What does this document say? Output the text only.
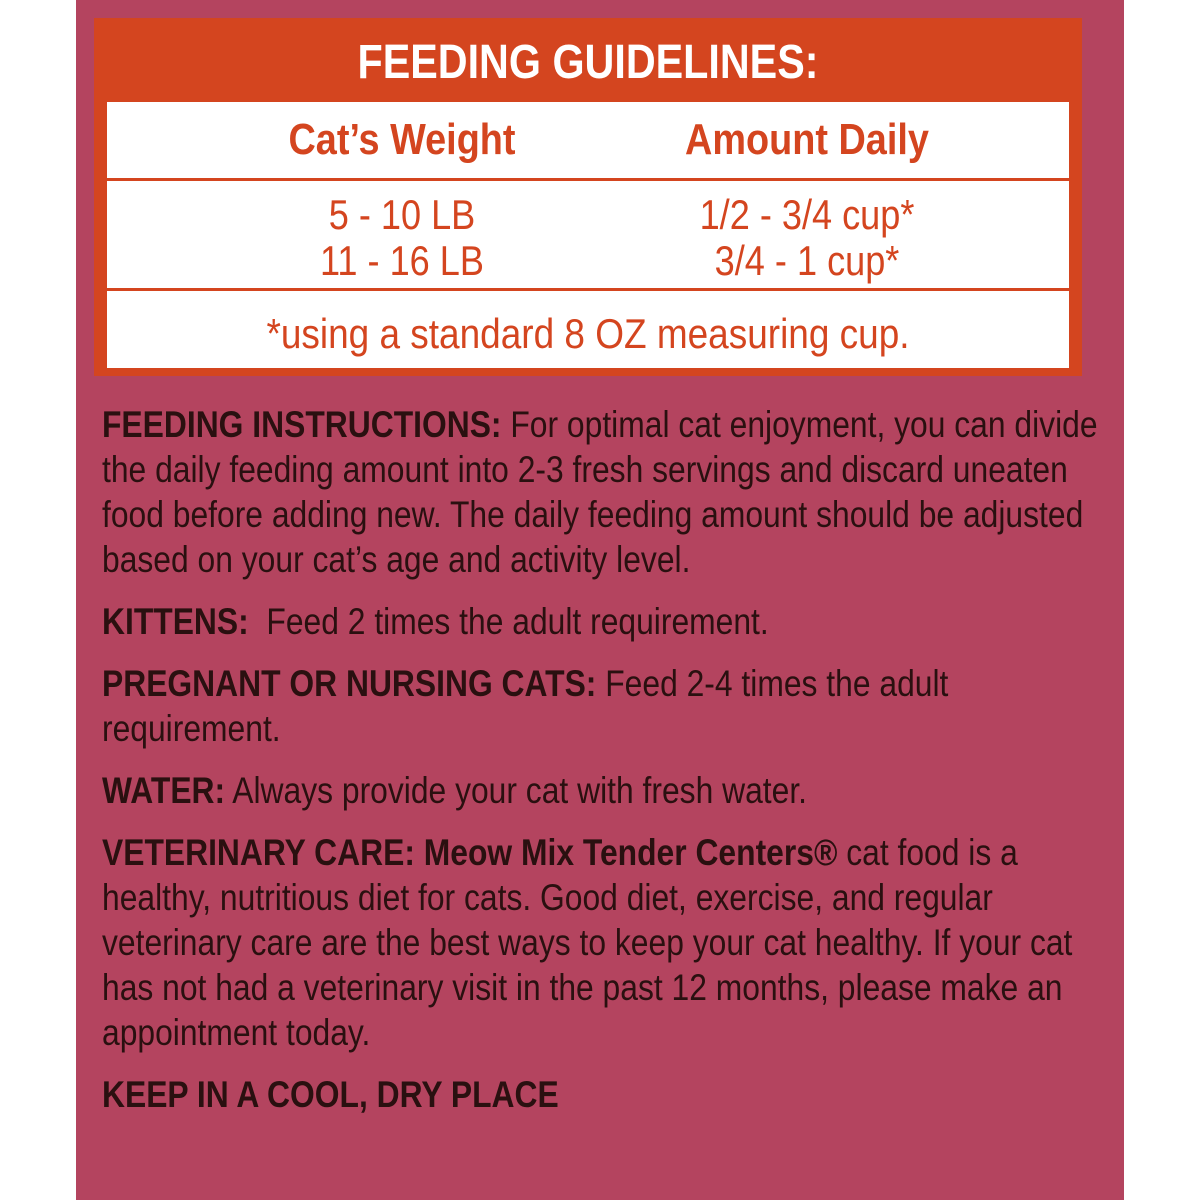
FEEDING GUIDELINES:
Cat’s Weight	Amount Daily
5 - 10 LB	1/2 - 3/4 cup*
11 - 16 LB	3/4 - 1 cup*
*using a standard 8 OZ measuring cup.

FEEDING INSTRUCTIONS: For optimal cat enjoyment, you can divide the daily feeding amount into 2-3 fresh servings and discard uneaten food before adding new. The daily feeding amount should be adjusted based on your cat’s age and activity level.

KITTENS: Feed 2 times the adult requirement.

PREGNANT OR NURSING CATS: Feed 2-4 times the adult requirement.

WATER: Always provide your cat with fresh water.

VETERINARY CARE: Meow Mix Tender Centers® cat food is a healthy, nutritious diet for cats. Good diet, exercise, and regular veterinary care are the best ways to keep your cat healthy. If your cat has not had a veterinary visit in the past 12 months, please make an appointment today.

KEEP IN A COOL, DRY PLACE
